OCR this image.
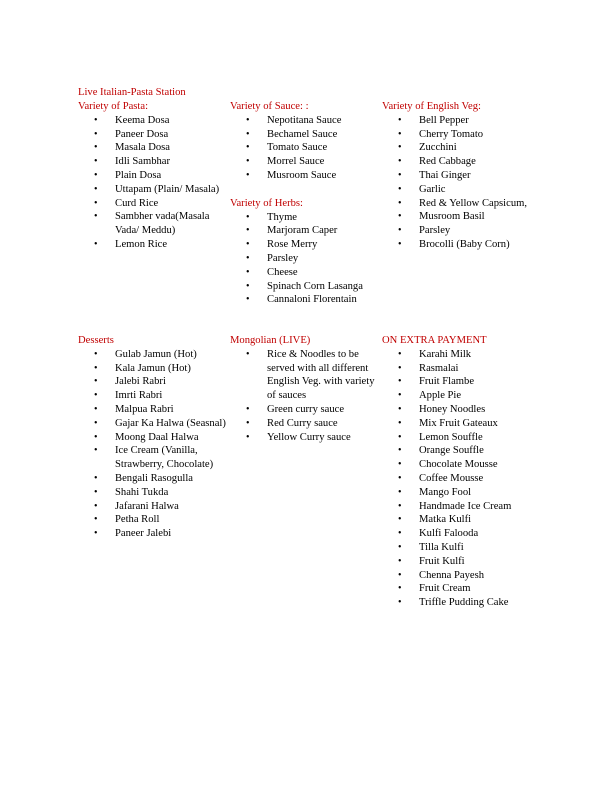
Live Italian-Pasta Station
Variety of Pasta:
• Keema Dosa
• Paneer Dosa
• Masala Dosa
• Idli Sambhar
• Plain Dosa
• Uttapam (Plain/ Masala)
• Curd Rice
• Sambher vada(Masala Vada/ Meddu)
• Lemon Rice
Variety of Sauce: :
• Nepotitana Sauce
• Bechamel Sauce
• Tomato Sauce
• Morrel Sauce
• Musroom Sauce
Variety of Herbs:
• Thyme
• Marjoram Caper
• Rose Merry
• Parsley
• Cheese
• Spinach Corn Lasanga
• Cannaloni Florentain
Variety of English Veg:
• Bell Pepper
• Cherry Tomato
• Zucchini
• Red Cabbage
• Thai Ginger
• Garlic
• Red & Yellow Capsicum,
• Musroom Basil
• Parsley
• Brocolli (Baby Corn)
Desserts
• Gulab Jamun (Hot)
• Kala Jamun (Hot)
• Jalebi Rabri
• Imrti Rabri
• Malpua Rabri
• Gajar Ka Halwa (Seasnal)
• Moong Daal Halwa
• Ice Cream (Vanilla, Strawberry, Chocolate)
• Bengali Rasogulla
• Shahi Tukda
• Jafarani Halwa
• Petha Roll
• Paneer Jalebi
Mongolian (LIVE)
• Rice & Noodles to be served with all different English Veg. with variety of sauces
• Green curry sauce
• Red Curry sauce
• Yellow Curry sauce
ON EXTRA PAYMENT
• Karahi Milk
• Rasmalai
• Fruit Flambe
• Apple Pie
• Honey Noodles
• Mix Fruit Gateaux
• Lemon Souffle
• Orange Souffle
• Chocolate Mousse
• Coffee Mousse
• Mango Fool
• Handmade Ice Cream
• Matka Kulfi
• Kulfi Falooda
• Tilla Kulfi
• Fruit Kulfi
• Chenna Payesh
• Fruit Cream
• Triffle Pudding Cake
